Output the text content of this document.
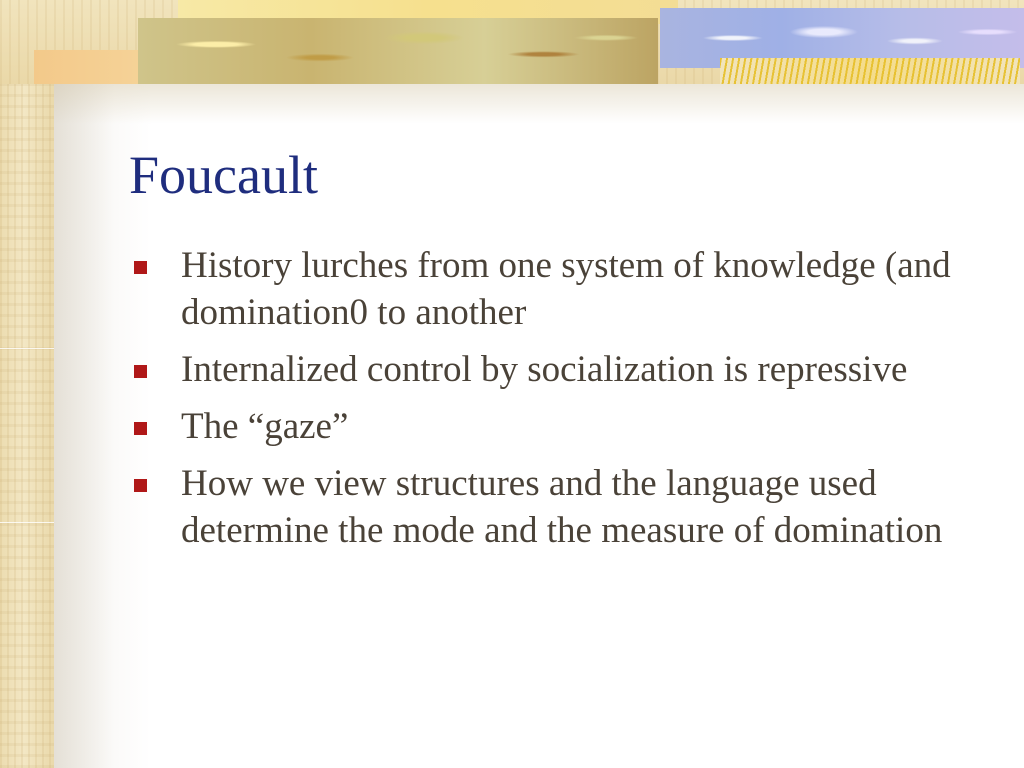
Foucault
History lurches from one system of knowledge (and domination0 to another
Internalized control by socialization is repressive
The “gaze”
How we view structures and the language used determine the mode and the measure of domination
